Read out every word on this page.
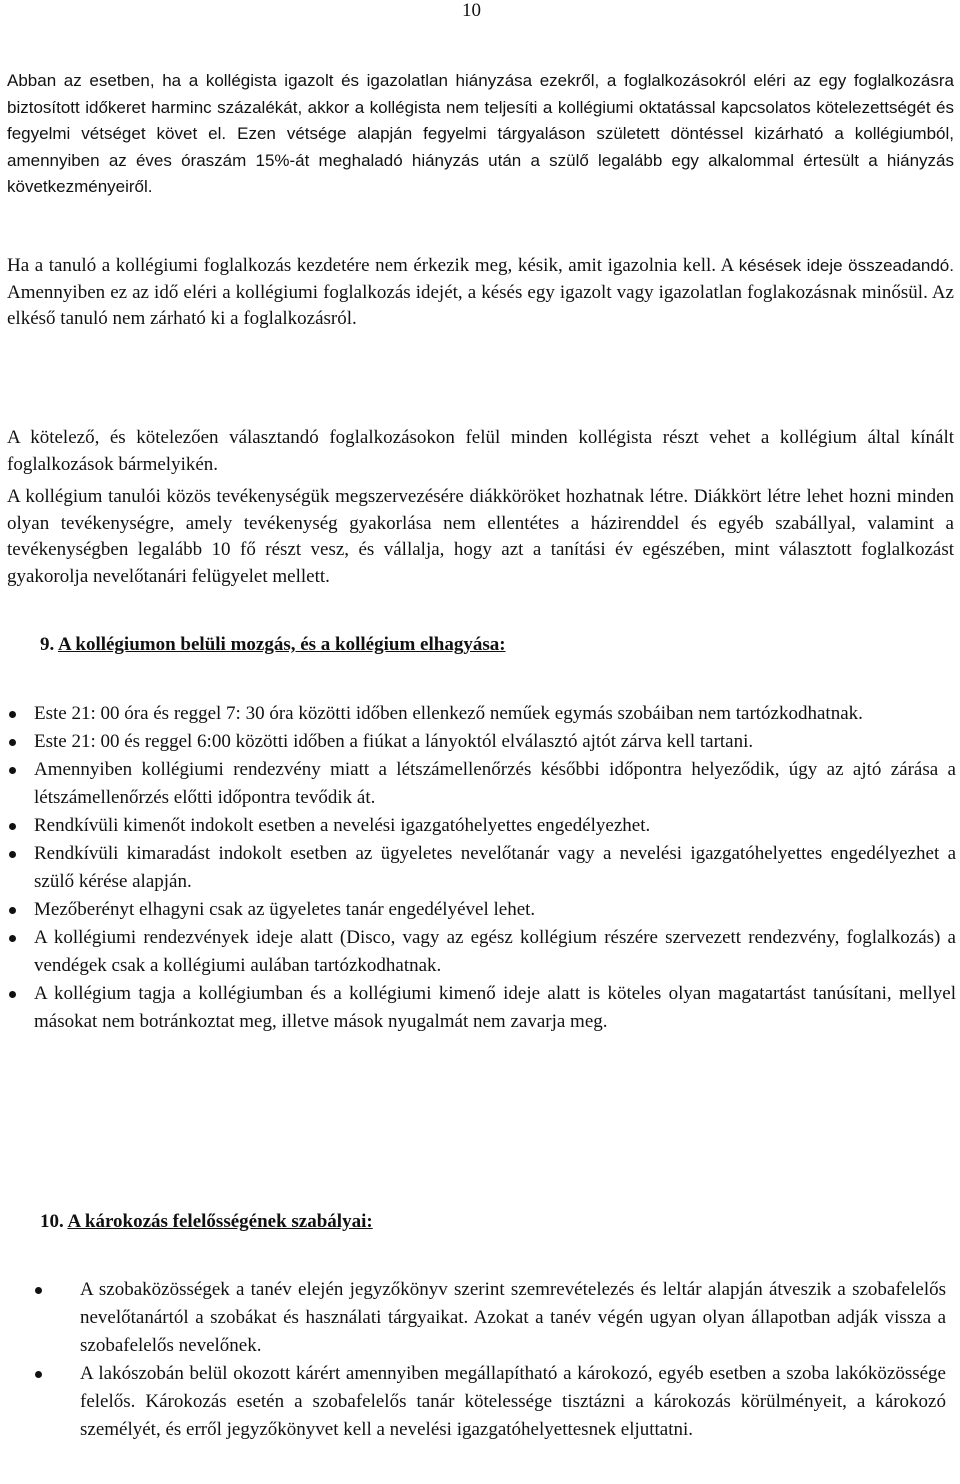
10

Abban az esetben, ha a kollégista igazolt és igazolatlan hiányzása ezekről, a foglalkozásokról eléri az egy foglalkozásra biztosított időkeret harminc százalékát, akkor a kollégista nem teljesíti a kollégiumi oktatással kapcsolatos kötelezettségét és fegyelmi vétséget követ el. Ezen vétsége alapján fegyelmi tárgyaláson született döntéssel kizárható a kollégiumból, amennyiben az éves óraszám 15%-át meghaladó hiányzás után a szülő legalább egy alkalommal értesült a hiányzás következményeiről.

Ha a tanuló a kollégiumi foglalkozás kezdetére nem érkezik meg, késik, amit igazolnia kell. A késések ideje összeadandó. Amennyiben ez az idő eléri a kollégiumi foglalkozás idejét, a késés egy igazolt vagy igazolatlan foglakozásnak minősül. Az elkéső tanuló nem zárható ki a foglalkozásról.

A kötelező, és kötelezően választandó foglalkozásokon felül minden kollégista részt vehet a kollégium által kínált foglalkozások bármelyikén.

A kollégium tanulói közös tevékenységük megszervezésére diákköröket hozhatnak létre. Diákkört létre lehet hozni minden olyan tevékenységre, amely tevékenység gyakorlása nem ellentétes a házirenddel és egyéb szabállyal, valamint a tevékenységben legalább 10 fő részt vesz, és vállalja, hogy azt a tanítási év egészében, mint választott foglalkozást gyakorolja nevelőtanári felügyelet mellett.

9. A kollégiumon belüli mozgás, és a kollégium elhagyása:
Este 21: 00 óra és reggel 7: 30 óra közötti időben ellenkező neműek egymás szobáiban nem tartózkodhatnak.
Este 21: 00 és reggel 6:00 közötti időben a fiúkat a lányoktól elválasztó ajtót zárva kell tartani.
Amennyiben kollégiumi rendezvény miatt a létszámellenőrzés későbbi időpontra helyeződik, úgy az ajtó zárása a létszámellenőrzés előtti időpontra tevődik át.
Rendkívüli kimenőt indokolt esetben a nevelési igazgatóhelyettes engedélyezhet.
Rendkívüli kimaradást indokolt esetben az ügyeletes nevelőtanár vagy a nevelési igazgatóhelyettes engedélyezhet a szülő kérése alapján.
Mezőberényt elhagyni csak az ügyeletes tanár engedélyével lehet.
A kollégiumi rendezvények ideje alatt (Disco, vagy az egész kollégium részére szervezett rendezvény, foglalkozás) a vendégek csak a kollégiumi aulában tartózkodhatnak.
A kollégium tagja a kollégiumban és a kollégiumi kimenő ideje alatt is köteles olyan magatartást tanúsítani, mellyel másokat nem botránkoztat meg, illetve mások nyugalmát nem zavarja meg.
10. A károkozás felelősségének szabályai:
A szobaközösségek a tanév elején jegyzőkönyv szerint szemrevételezés és leltár alapján átveszik a szobafelelős nevelőtanártól a szobákat és használati tárgyaikat. Azokat a tanév végén ugyan olyan állapotban adják vissza a szobafelelős nevelőnek.
A lakószobán belül okozott kárért amennyiben megállapítható a károkozó, egyéb esetben a szoba lakóközössége felelős. Károkozás esetén a szobafelelős tanár kötelessége tisztázni a károkozás körülményeit, a károkozó személyét, és erről jegyzőkönyvet kell a nevelési igazgatóhelyettesnek eljuttatni.
